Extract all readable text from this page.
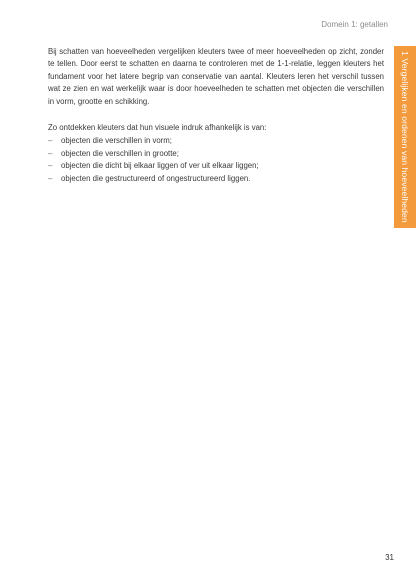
Domein 1: getallen
1 Vergelijken en ordenen van hoeveelheden

Bij schatten van hoeveelheden vergelijken kleuters twee of meer hoeveelheden op zicht, zonder te tellen. Door eerst te schatten en daarna te controleren met de 1-1-relatie, leggen kleuters het fundament voor het latere begrip van conservatie van aantal. Kleuters leren het verschil tussen wat ze zien en wat werkelijk waar is door hoeveelheden te schatten met objecten die verschillen in vorm, grootte en schikking.

Zo ontdekken kleuters dat hun visuele indruk afhankelijk is van:

–	objecten die verschillen in vorm;
–	objecten die verschillen in grootte;
–	objecten die dicht bij elkaar liggen of ver uit elkaar liggen;
–	objecten die gestructureerd of ongestructureerd liggen.
31
